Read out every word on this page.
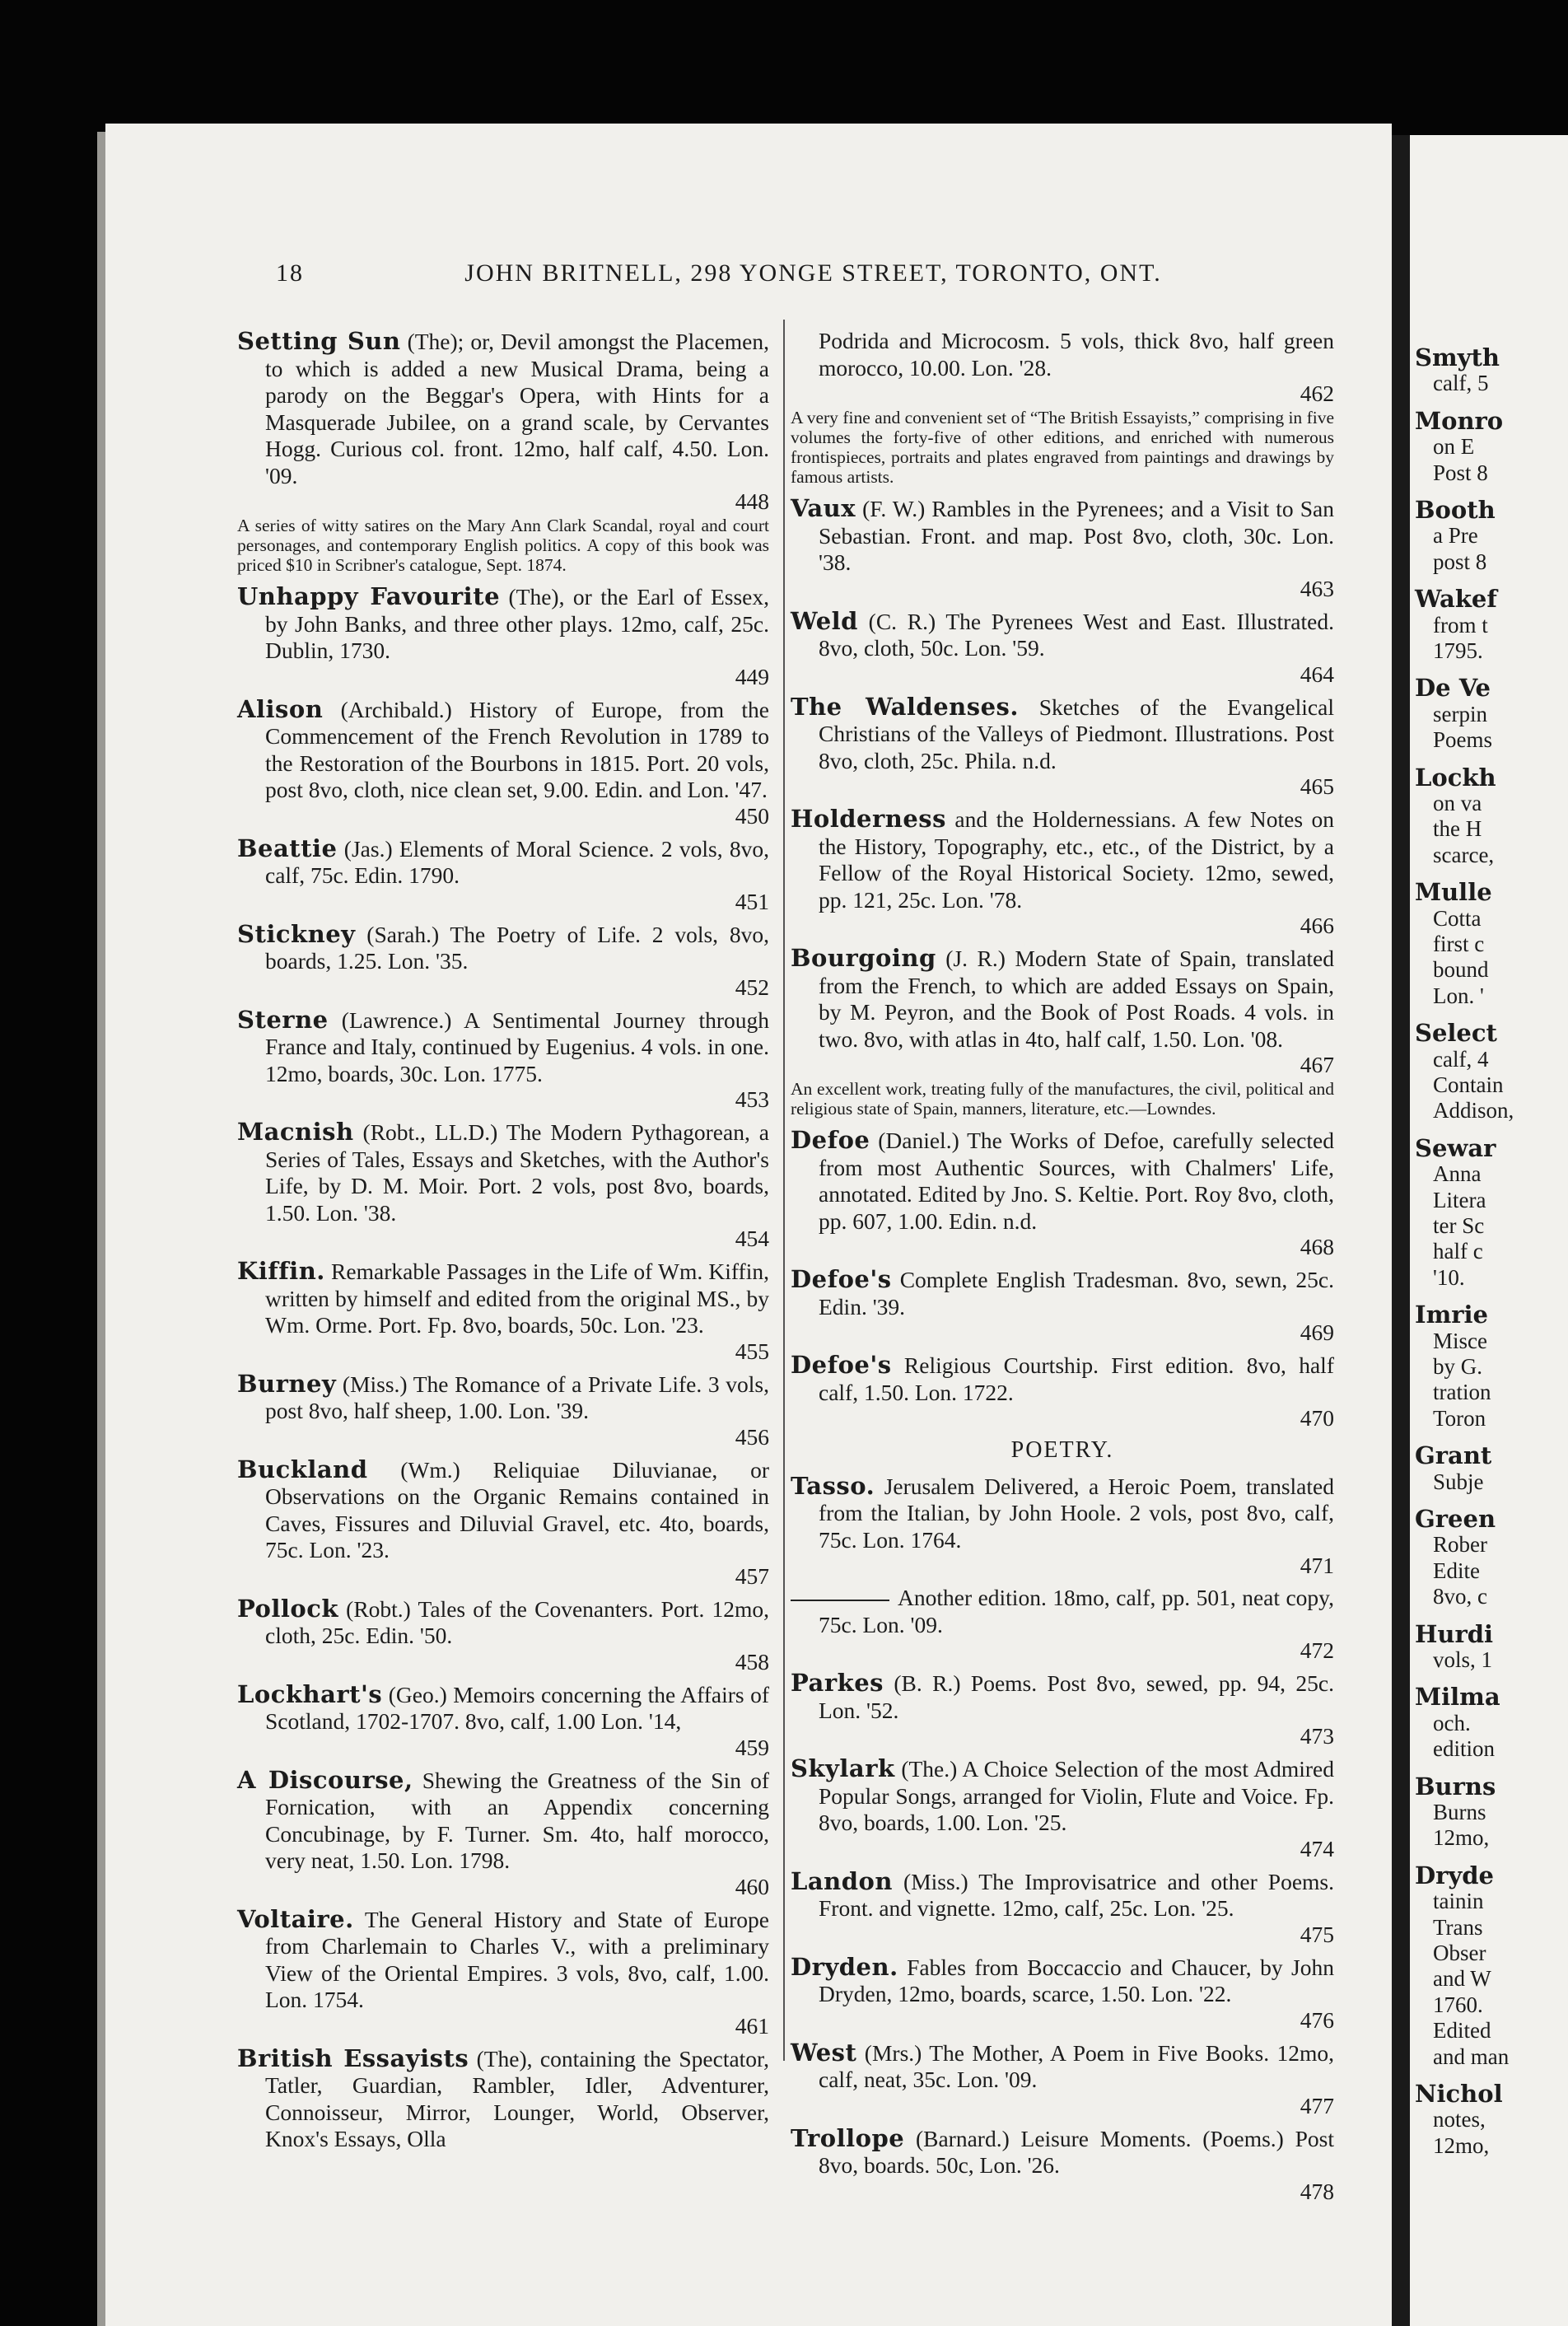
Smyth
calf, 5
Monro
on E
Post 8
Booth
a Pre
post 8
Wakef
from t
1795.
De Ve
serpin
Poems
Lockh
on va
the H
scarce,
Mulle
Cotta
first c
bound
Lon. '
Select
calf, 4
Contain
Addison,
Sewar
Anna
Litera
ter Sc
half c
'10.
Imrie
Misce
by G.
tration
Toron
Grant
Subje
Green
Rober
Edite
8vo, c
Hurdi
vols, 1
Milma
och.
edition
Burns
Burns
12mo,
Dryde
tainin
Trans
Obser
and W
1760.
Edited
and man
Nichol
notes,
12mo,
18	JOHN BRITNELL, 298 YONGE STREET, TORONTO, ONT.
Setting Sun (The); or, Devil amongst the Placemen, to which is added a new Musical Drama, being a parody on the Beggar's Opera, with Hints for a Masquerade Jubilee, on a grand scale, by Cervantes Hogg. Curious col. front. 12mo, half calf, 4.50. Lon. '09.
448
A series of witty satires on the Mary Ann Clark Scandal, royal and court personages, and contemporary English politics. A copy of this book was priced $10 in Scribner's catalogue, Sept. 1874.
Unhappy Favourite (The), or the Earl of Essex, by John Banks, and three other plays. 12mo, calf, 25c. Dublin, 1730.
449
Alison (Archibald.) History of Europe, from the Commencement of the French Revolution in 1789 to the Restoration of the Bourbons in 1815. Port. 20 vols, post 8vo, cloth, nice clean set, 9.00. Edin. and Lon. '47.
450
Beattie (Jas.) Elements of Moral Science. 2 vols, 8vo, calf, 75c. Edin. 1790.
451
Stickney (Sarah.) The Poetry of Life. 2 vols, 8vo, boards, 1.25. Lon. '35.
452
Sterne (Lawrence.) A Sentimental Journey through France and Italy, continued by Eugenius. 4 vols. in one. 12mo, boards, 30c. Lon. 1775.
453
Macnish (Robt., LL.D.) The Modern Pythagorean, a Series of Tales, Essays and Sketches, with the Author's Life, by D. M. Moir. Port. 2 vols, post 8vo, boards, 1.50. Lon. '38.
454
Kiffin. Remarkable Passages in the Life of Wm. Kiffin, written by himself and edited from the original MS., by Wm. Orme. Port. Fp. 8vo, boards, 50c. Lon. '23.
455
Burney (Miss.) The Romance of a Private Life. 3 vols, post 8vo, half sheep, 1.00. Lon. '39.
456
Buckland (Wm.) Reliquiae Diluvianae, or Observations on the Organic Remains contained in Caves, Fissures and Diluvial Gravel, etc. 4to, boards, 75c. Lon. '23.
457
Pollock (Robt.) Tales of the Covenanters. Port. 12mo, cloth, 25c. Edin. '50.
458
Lockhart's (Geo.) Memoirs concerning the Affairs of Scotland, 1702-1707. 8vo, calf, 1.00 Lon. '14,
459
A Discourse, Shewing the Greatness of the Sin of Fornication, with an Appendix concerning Concubinage, by F. Turner. Sm. 4to, half morocco, very neat, 1.50. Lon. 1798.
460
Voltaire. The General History and State of Europe from Charlemain to Charles V., with a preliminary View of the Oriental Empires. 3 vols, 8vo, calf, 1.00. Lon. 1754.
461
British Essayists (The), containing the Spectator, Tatler, Guardian, Rambler, Idler, Adventurer, Connoisseur, Mirror, Lounger, World, Observer, Knox's Essays, Olla
Podrida and Microcosm. 5 vols, thick 8vo, half green morocco, 10.00. Lon. '28.
462
A very fine and convenient set of “The British Essayists,” comprising in five volumes the forty-five of other editions, and enriched with numerous frontispieces, portraits and plates engraved from paintings and drawings by famous artists.
Vaux (F. W.) Rambles in the Pyrenees; and a Visit to San Sebastian. Front. and map. Post 8vo, cloth, 30c. Lon. '38.
463
Weld (C. R.) The Pyrenees West and East. Illustrated. 8vo, cloth, 50c. Lon. '59.
464
The Waldenses. Sketches of the Evangelical Christians of the Valleys of Piedmont. Illustrations. Post 8vo, cloth, 25c. Phila. n.d.
465
Holderness and the Holdernessians. A few Notes on the History, Topography, etc., etc., of the District, by a Fellow of the Royal Historical Society. 12mo, sewed, pp. 121, 25c. Lon. '78.
466
Bourgoing (J. R.) Modern State of Spain, translated from the French, to which are added Essays on Spain, by M. Peyron, and the Book of Post Roads. 4 vols. in two. 8vo, with atlas in 4to, half calf, 1.50. Lon. '08.
467
An excellent work, treating fully of the manufactures, the civil, political and religious state of Spain, manners, literature, etc.—Lowndes.
Defoe (Daniel.) The Works of Defoe, carefully selected from most Authentic Sources, with Chalmers' Life, annotated. Edited by Jno. S. Keltie. Port. Roy 8vo, cloth, pp. 607, 1.00. Edin. n.d.
468
Defoe's Complete English Tradesman. 8vo, sewn, 25c. Edin. '39.
469
Defoe's Religious Courtship. First edition. 8vo, half calf, 1.50. Lon. 1722.
470
POETRY.
Tasso. Jerusalem Delivered, a Heroic Poem, translated from the Italian, by John Hoole. 2 vols, post 8vo, calf, 75c. Lon. 1764.
471
Another edition. 18mo, calf, pp. 501, neat copy, 75c. Lon. '09.
472
Parkes (B. R.) Poems. Post 8vo, sewed, pp. 94, 25c. Lon. '52.
473
Skylark (The.) A Choice Selection of the most Admired Popular Songs, arranged for Violin, Flute and Voice. Fp. 8vo, boards, 1.00. Lon. '25.
474
Landon (Miss.) The Improvisatrice and other Poems. Front. and vignette. 12mo, calf, 25c. Lon. '25.
475
Dryden. Fables from Boccaccio and Chaucer, by John Dryden, 12mo, boards, scarce, 1.50. Lon. '22.
476
West (Mrs.) The Mother, A Poem in Five Books. 12mo, calf, neat, 35c. Lon. '09.
477
Trollope (Barnard.) Leisure Moments. (Poems.) Post 8vo, boards. 50c, Lon. '26.
478
